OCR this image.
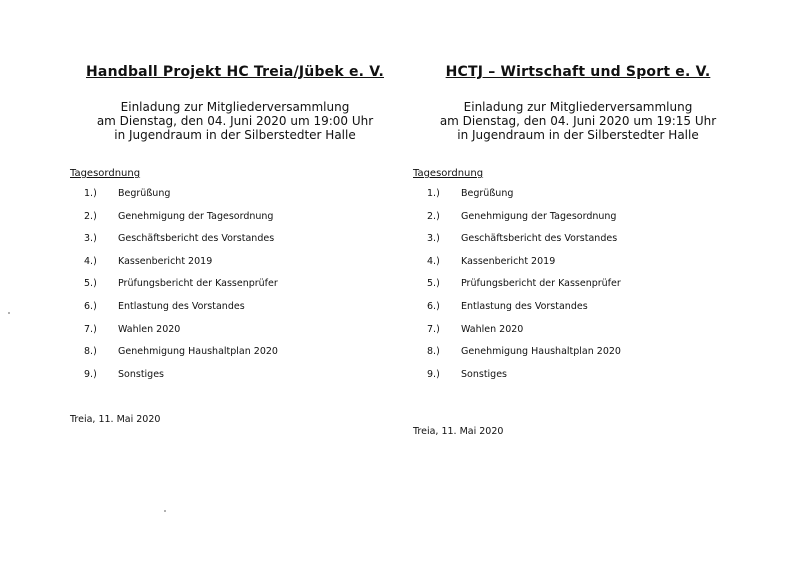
Handball Projekt HC Treia/Jübek e. V.
Einladung zur Mitgliederversammlung
am Dienstag, den 04. Juni 2020 um 19:00 Uhr
in Jugendraum in der Silberstedter Halle
Tagesordnung
1.) Begrüßung
2.) Genehmigung der Tagesordnung
3.) Geschäftsbericht des Vorstandes
4.) Kassenbericht 2019
5.) Prüfungsbericht der Kassenprüfer
6.) Entlastung des Vorstandes
7.) Wahlen 2020
8.) Genehmigung Haushaltplan 2020
9.) Sonstiges
Treia, 11. Mai 2020
HCTJ – Wirtschaft und Sport e. V.
Einladung zur Mitgliederversammlung
am Dienstag, den 04. Juni 2020 um 19:15 Uhr
in Jugendraum in der Silberstedter Halle
Tagesordnung
1.) Begrüßung
2.) Genehmigung der Tagesordnung
3.) Geschäftsbericht des Vorstandes
4.) Kassenbericht 2019
5.) Prüfungsbericht der Kassenprüfer
6.) Entlastung des Vorstandes
7.) Wahlen 2020
8.) Genehmigung Haushaltplan 2020
9.) Sonstiges
Treia, 11. Mai 2020
